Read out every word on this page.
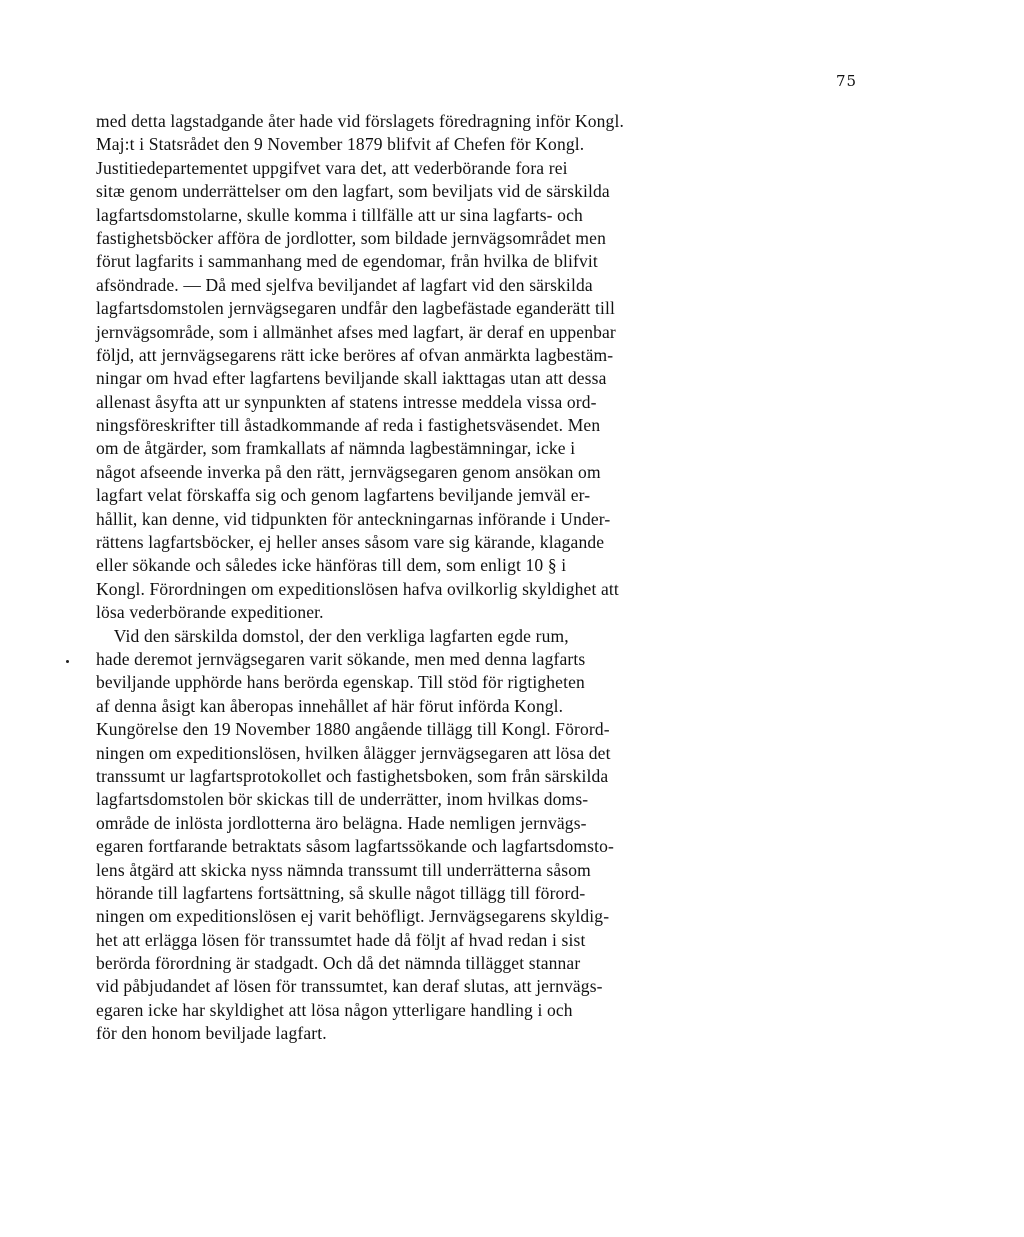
75
med detta lagstadgande åter hade vid förslagets föredragning inför Kongl.
Maj:t i Statsrådet den 9 November 1879 blifvit af Chefen för Kongl.
Justitiedepartementet uppgifvet vara det, att vederbörande fora rei
sitæ genom underrättelser om den lagfart, som beviljats vid de särskilda
lagfartsdomstolarne, skulle komma i tillfälle att ur sina lagfarts- och
fastighetsböcker afföra de jordlotter, som bildade jernvägsområdet men
förut lagfarits i sammanhang med de egendomar, från hvilka de blifvit
afsöndrade. — Då med sjelfva beviljandet af lagfart vid den särskilda
lagfartsdomstolen jernvägsegaren undfår den lagbefästade eganderätt till
jernvägsområde, som i allmänhet afses med lagfart, är deraf en uppenbar
följd, att jernvägsegarens rätt icke beröres af ofvan anmärkta lagbestäm-
ningar om hvad efter lagfartens beviljande skall iakttagas utan att dessa
allenast åsyfta att ur synpunkten af statens intresse meddela vissa ord-
ningsföreskrifter till åstadkommande af reda i fastighetsväsendet. Men
om de åtgärder, som framkallats af nämnda lagbestämningar, icke i
något afseende inverka på den rätt, jernvägsegaren genom ansökan om
lagfart velat förskaffa sig och genom lagfartens beviljande jemväl er-
hållit, kan denne, vid tidpunkten för anteckningarnas införande i Under-
rättens lagfartsböcker, ej heller anses såsom vare sig kärande, klagande
eller sökande och således icke hänföras till dem, som enligt 10 § i
Kongl. Förordningen om expeditionslösen hafva ovilkorlig skyldighet att
lösa vederbörande expeditioner.
Vid den särskilda domstol, der den verkliga lagfarten egde rum,
hade deremot jernvägsegaren varit sökande, men med denna lagfarts
beviljande upphörde hans berörda egenskap. Till stöd för rigtigheten
af denna åsigt kan åberopas innehållet af här förut införda Kongl.
Kungörelse den 19 November 1880 angående tillägg till Kongl. Förord-
ningen om expeditionslösen, hvilken ålägger jernvägsegaren att lösa det
transsumt ur lagfartsprotokollet och fastighetsboken, som från särskilda
lagfartsdomstolen bör skickas till de underrätter, inom hvilkas doms-
område de inlösta jordlotterna äro belägna. Hade nemligen jernvägs-
egaren fortfarande betraktats såsom lagfartssökande och lagfartsdomsto-
lens åtgärd att skicka nyss nämnda transsumt till underrätterna såsom
hörande till lagfartens fortsättning, så skulle något tillägg till förord-
ningen om expeditionslösen ej varit behöfligt. Jernvägsegarens skyldig-
het att erlägga lösen för transsumtet hade då följt af hvad redan i sist
berörda förordning är stadgadt. Och då det nämnda tillägget stannar
vid påbjudandet af lösen för transsumtet, kan deraf slutas, att jernvägs-
egaren icke har skyldighet att lösa någon ytterligare handling i och
för den honom beviljade lagfart.
